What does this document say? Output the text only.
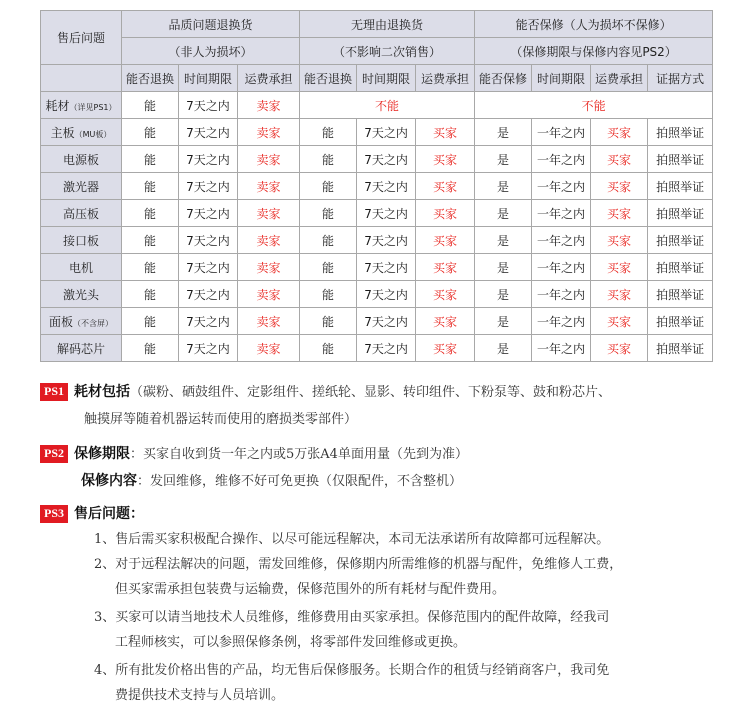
售后问题	品质问题退换货			无理由退换货			能否保修（人为损坏不保修）			
	（非人为损坏）			（不影响二次销售）			（保修期限与保修内容见PS2）			
	能否退换	时间期限	运费承担	能否退换	时间期限	运费承担	能否保修	时间期限	运费承担	证据方式
耗材（详见PS1）	能	7天之内	卖家	不能			不能			
主板（MU板）	能	7天之内	卖家	能	7天之内	买家	是	一年之内	买家	拍照举证
电源板	能	7天之内	卖家	能	7天之内	买家	是	一年之内	买家	拍照举证
激光器	能	7天之内	卖家	能	7天之内	买家	是	一年之内	买家	拍照举证
高压板	能	7天之内	卖家	能	7天之内	买家	是	一年之内	买家	拍照举证
接口板	能	7天之内	卖家	能	7天之内	买家	是	一年之内	买家	拍照举证
电机	能	7天之内	卖家	能	7天之内	买家	是	一年之内	买家	拍照举证
激光头	能	7天之内	卖家	能	7天之内	买家	是	一年之内	买家	拍照举证
面板（不含屏）	能	7天之内	卖家	能	7天之内	买家	是	一年之内	买家	拍照举证
解码芯片	能	7天之内	卖家	能	7天之内	买家	是	一年之内	买家	拍照举证
PS1 耗材包括（碳粉、硒鼓组件、定影组件、搓纸轮、显影、转印组件、下粉泵等、鼓和粉芯片、
触摸屏等随着机器运转而使用的磨损类零部件）
PS2 保修期限：买家自收到货一年之内或5万张A4单面用量（先到为准）
保修内容：发回维修，维修不好可免更换（仅限配件，不含整机）
PS3 售后问题：
1、售后需买家积极配合操作、以尽可能远程解决，本司无法承诺所有故障都可远程解决。
2、对于远程法解决的问题，需发回维修，保修期内所需维修的机器与配件，免维修人工费，
但买家需承担包装费与运输费，保修范围外的所有耗材与配件费用。
3、买家可以请当地技术人员维修，维修费用由买家承担。保修范围内的配件故障，经我司
工程师核实，可以参照保修条例，将零部件发回维修或更换。
4、所有批发价格出售的产品，均无售后保修服务。长期合作的租赁与经销商客户，我司免
费提供技术支持与人员培训。
